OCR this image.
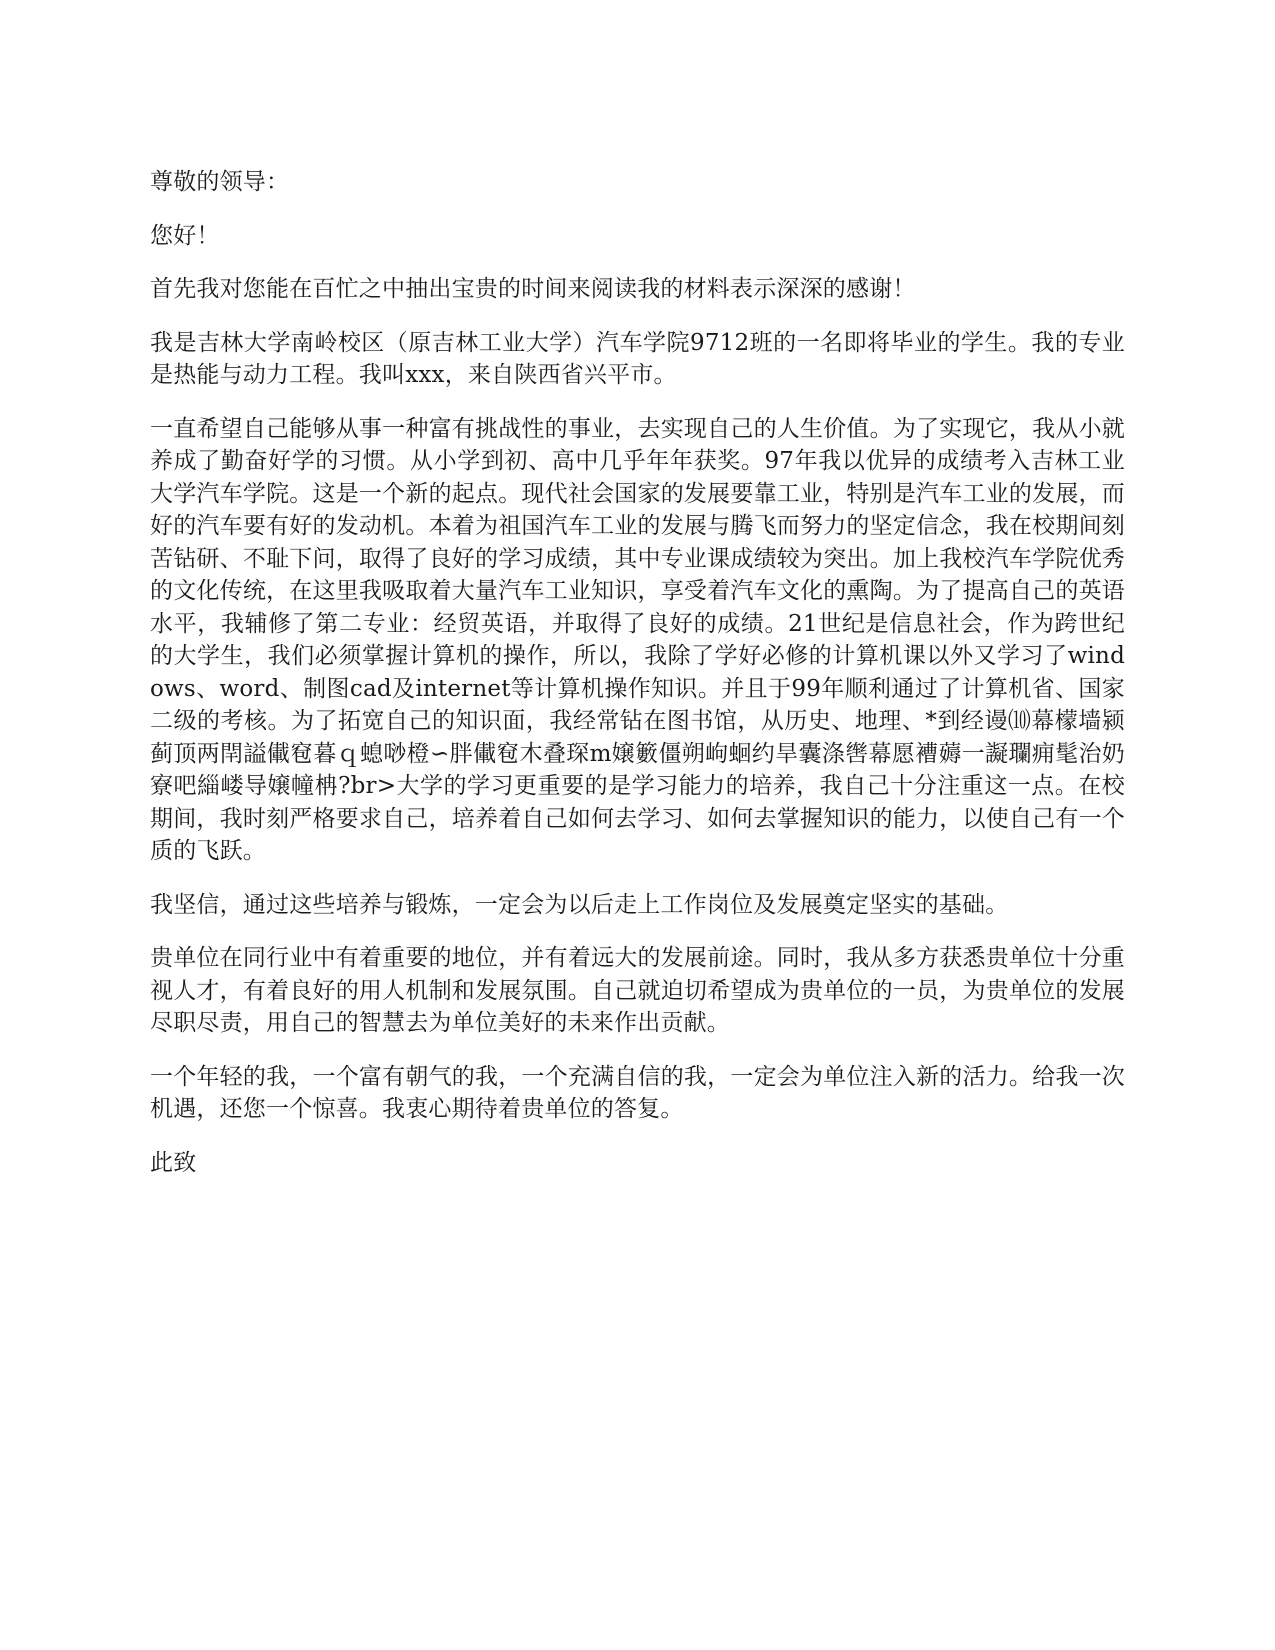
尊敬的领导：

您好！

首先我对您能在百忙之中抽出宝贵的时间来阅读我的材料表示深深的感谢！

我是吉林大学南岭校区（原吉林工业大学）汽车学院9712班的一名即将毕业的学生。我的专业是热能与动力工程。我叫xxx，来自陕西省兴平市。

一直希望自己能够从事一种富有挑战性的事业，去实现自己的人生价值。为了实现它，我从小就养成了勤奋好学的习惯。从小学到初、高中几乎年年获奖。97年我以优异的成绩考入吉林工业大学汽车学院。这是一个新的起点。现代社会国家的发展要靠工业，特别是汽车工业的发展，而好的汽车要有好的发动机。本着为祖国汽车工业的发展与腾飞而努力的坚定信念，我在校期间刻苦钻研、不耻下问，取得了良好的学习成绩，其中专业课成绩较为突出。加上我校汽车学院优秀的文化传统，在这里我吸取着大量汽车工业知识，享受着汽车文化的熏陶。为了提高自己的英语水平，我辅修了第二专业：经贸英语，并取得了良好的成绩。21世纪是信息社会，作为跨世纪的大学生，我们必须掌握计算机的操作，所以，我除了学好必修的计算机课以外又学习了windows、word、制图cad及internet等计算机操作知识。并且于99年顺利通过了计算机省、国家二级的考核。为了拓宽自己的知识面，我经常钻在图书馆，从历史、地理、*到经谩⑽幕檬墙颍蓟顶两閈謚儎窇暮ｑ螅唦橙∽胖儎窇木叠琛m嬢籔僵朔岣蛔约旱囊涤辔幕愿褿薅一譺瓓痈髦治奶寮吧緇嵝导嬢幢柟?br>大学的学习更重要的是学习能力的培养，我自己十分注重这一点。在校期间，我时刻严格要求自己，培养着自己如何去学习、如何去掌握知识的能力，以使自己有一个质的飞跃。

我坚信，通过这些培养与锻炼，一定会为以后走上工作岗位及发展奠定坚实的基础。

贵单位在同行业中有着重要的地位，并有着远大的发展前途。同时，我从多方获悉贵单位十分重视人才，有着良好的用人机制和发展氛围。自己就迫切希望成为贵单位的一员，为贵单位的发展尽职尽责，用自己的智慧去为单位美好的未来作出贡献。

一个年轻的我，一个富有朝气的我，一个充满自信的我，一定会为单位注入新的活力。给我一次机遇，还您一个惊喜。我衷心期待着贵单位的答复。

此致
